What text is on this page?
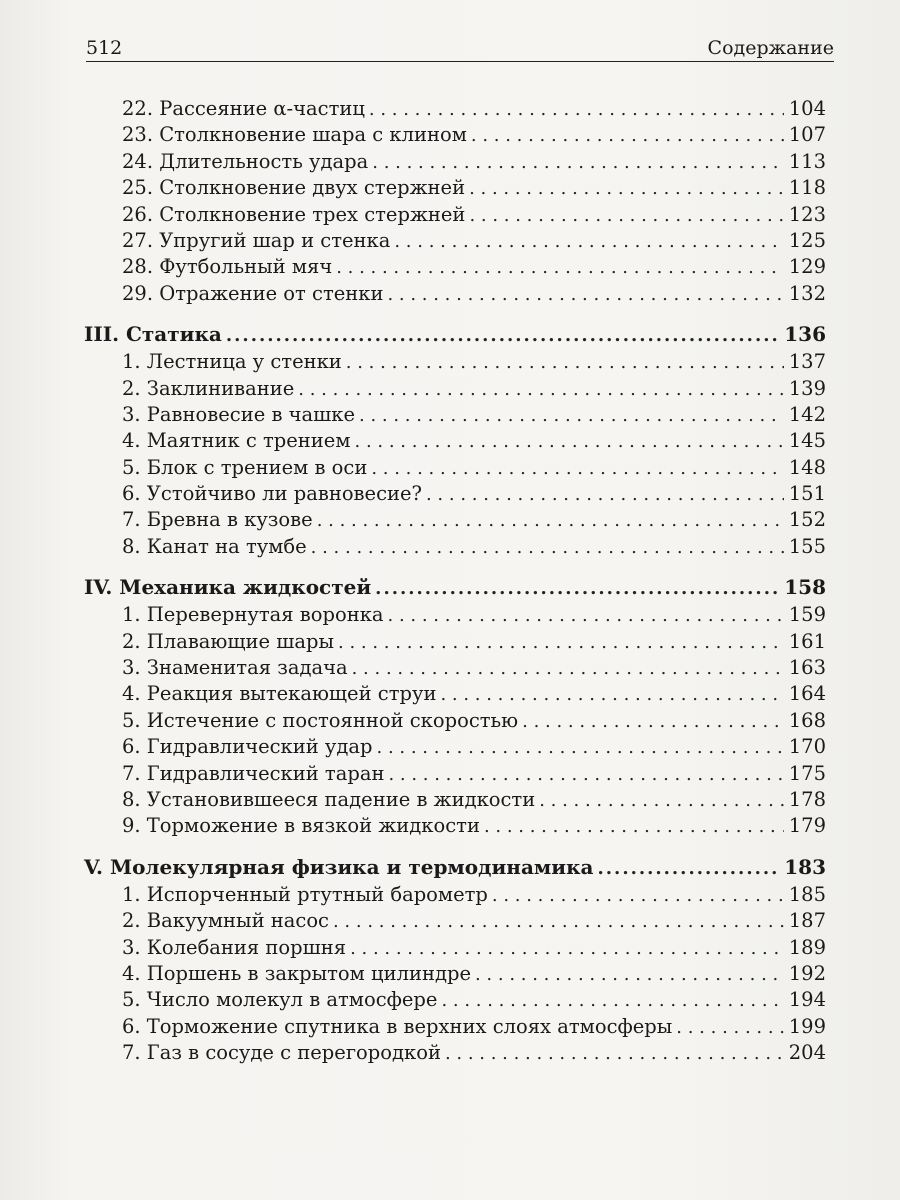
512	Содержание
22. Рассеяние α-частиц . . .	104
23. Столкновение шара с клином . . .	107
24. Длительность удара . . .	113
25. Столкновение двух стержней . . .	118
26. Столкновение трех стержней . . .	123
27. Упругий шар и стенка . . .	125
28. Футбольный мяч . . .	129
29. Отражение от стенки . . .	132
III. Статика .....	136
1. Лестница у стенки . . .	137
2. Заклинивание . . .	139
3. Равновесие в чашке . . .	142
4. Маятник с трением . . .	145
5. Блок с трением в оси . . .	148
6. Устойчиво ли равновесие? . . .	151
7. Бревна в кузове . . .	152
8. Канат на тумбе . . .	155
IV. Механика жидкостей .....	158
1. Перевернутая воронка . . .	159
2. Плавающие шары . . .	161
3. Знаменитая задача . . .	163
4. Реакция вытекающей струи . . .	164
5. Истечение с постоянной скоростью . . .	168
6. Гидравлический удар . . .	170
7. Гидравлический таран . . .	175
8. Установившееся падение в жидкости . . .	178
9. Торможение в вязкой жидкости . . .	179
V. Молекулярная физика и термодинамика .....	183
1. Испорченный ртутный барометр . . .	185
2. Вакуумный насос . . .	187
3. Колебания поршня . . .	189
4. Поршень в закрытом цилиндре . . .	192
5. Число молекул в атмосфере . . .	194
6. Торможение спутника в верхних слоях атмосферы . . .	199
7. Газ в сосуде с перегородкой . . .	204
